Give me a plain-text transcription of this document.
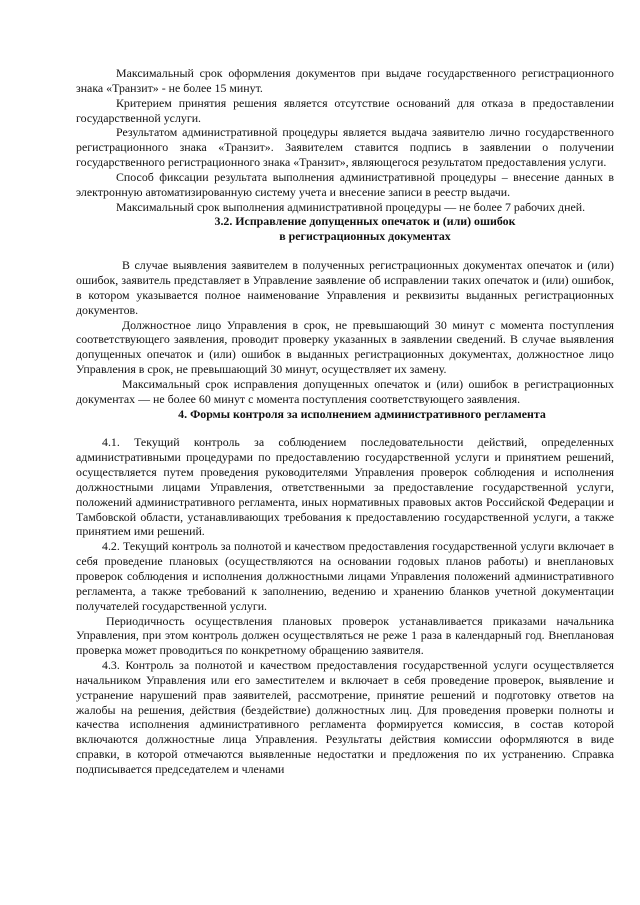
Максимальный срок оформления документов при выдаче государственного регистрационного знака «Транзит» - не более 15 минут.

Критерием принятия решения является отсутствие оснований для отказа в предоставлении государственной услуги.

Результатом административной процедуры является выдача заявителю лично государственного регистрационного знака «Транзит». Заявителем ставится подпись в заявлении о получении государственного регистрационного знака «Транзит», являющегося результатом предоставления услуги.

Способ фиксации результата выполнения административной процедуры – внесение данных в электронную автоматизированную систему учета и внесение записи в реестр выдачи.

Максимальный срок выполнения административной процедуры — не более 7 рабочих дней.

3.2. Исправление допущенных опечаток и (или) ошибок
в регистрационных документах

В случае выявления заявителем в полученных регистрационных документах опечаток и (или) ошибок, заявитель представляет в Управление заявление об исправлении таких опечаток и (или) ошибок, в котором указывается полное наименование Управления и реквизиты выданных регистрационных документов.

Должностное лицо Управления в срок, не превышающий 30 минут с момента поступления соответствующего заявления, проводит проверку указанных в заявлении сведений. В случае выявления допущенных опечаток и (или) ошибок в выданных регистрационных документах, должностное лицо Управления в срок, не превышающий 30 минут, осуществляет их замену.

Максимальный срок исправления допущенных опечаток и (или) ошибок в регистрационных документах — не более 60 минут с момента поступления соответствующего заявления.

4. Формы контроля за исполнением административного регламента

4.1. Текущий контроль за соблюдением последовательности действий, определенных административными процедурами по предоставлению государственной услуги и принятием решений, осуществляется путем проведения руководителями Управления проверок соблюдения и исполнения должностными лицами Управления, ответственными за предоставление государственной услуги, положений административного регламента, иных нормативных правовых актов Российской Федерации и Тамбовской области, устанавливающих требования к предоставлению государственной услуги, а также принятием ими решений.

4.2. Текущий контроль за полнотой и качеством предоставления государственной услуги включает в себя проведение плановых (осуществляются на основании годовых планов работы) и внеплановых проверок соблюдения и исполнения должностными лицами Управления положений административного регламента, а также требований к заполнению, ведению и хранению бланков учетной документации получателей государственной услуги.

Периодичность осуществления плановых проверок устанавливается приказами начальника Управления, при этом контроль должен осуществляться не реже 1 раза в календарный год. Внеплановая проверка может проводиться по конкретному обращению заявителя.

4.3. Контроль за полнотой и качеством предоставления государственной услуги осуществляется начальником Управления или его заместителем и включает в себя проведение проверок, выявление и устранение нарушений прав заявителей, рассмотрение, принятие решений и подготовку ответов на жалобы на решения, действия (бездействие) должностных лиц. Для проведения проверки полноты и качества исполнения административного регламента формируется комиссия, в состав которой включаются должностные лица Управления. Результаты действия комиссии оформляются в виде справки, в которой отмечаются выявленные недостатки и предложения по их устранению. Справка подписывается председателем и членами
